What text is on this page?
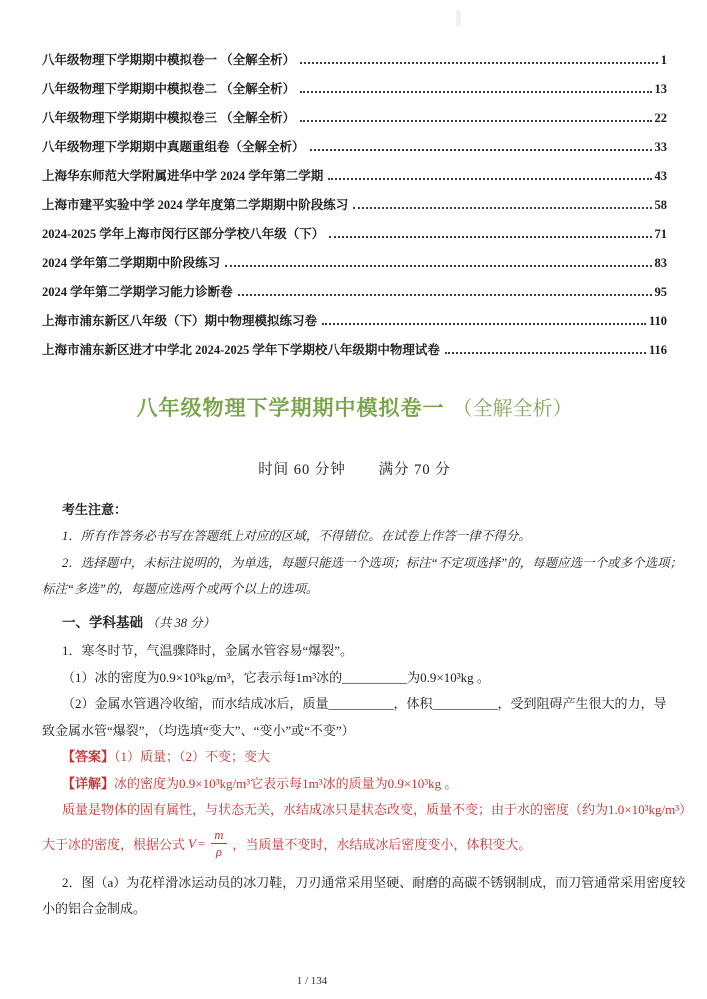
八年级物理下学期期中模拟卷一 （全解全析）	1
八年级物理下学期期中模拟卷二 （全解全析）	13
八年级物理下学期期中模拟卷三 （全解全析）	22
八年级物理下学期期中真题重组卷（全解全析）	33
上海华东师范大学附属进华中学 2024 学年第二学期	43
上海市建平实验中学 2024 学年度第二学期期中阶段练习	58
2024-2025 学年上海市闵行区部分学校八年级（下）	71
2024 学年第二学期期中阶段练习	83
2024 学年第二学期学习能力诊断卷	95
上海市浦东新区八年级（下）期中物理模拟练习卷	110
上海市浦东新区进才中学北 2024-2025 学年下学期校八年级期中物理试卷	116
八年级物理下学期期中模拟卷一 （全解全析）
时间 60 分钟 满分 70 分
考生注意：
1．所有作答务必书写在答题纸上对应的区域，不得错位。在试卷上作答一律不得分。
2．选择题中，未标注说明的，为单选，每题只能选一个选项；标注“不定项选择”的，每题应选一个或多个选项；
标注“多选”的，每题应选两个或两个以上的选项。
一、学科基础 （共 38 分）
1．寒冬时节，气温骤降时，金属水管容易“爆裂”。
（1）冰的密度为0.9×10³kg/m³，它表示每1m³冰的__________为0.9×10³kg 。
（2）金属水管遇冷收缩，而水结成冰后，质量__________，体积__________，受到阻碍产生很大的力，导
致金属水管“爆裂”，（均选填“变大”、“变小”或“不变”）
【答案】（1）质量；（2）不变；变大
【详解】冰的密度为0.9×10³kg/m³它表示每1m³冰的质量为0.9×10³kg 。
质量是物体的固有属性，与状态无关，水结成冰只是状态改变，质量不变；由于水的密度（约为1.0×10³kg/m³）
大于冰的密度，根据公式 $V = \frac{m}{\rho}$ ，当质量不变时，水结成冰后密度变小，体积变大。
2．图（a）为花样滑冰运动员的冰刀鞋，刀刃通常采用坚硬、耐磨的高碳不锈钢制成，而刀管通常采用密度较
小的铝合金制成。
1 / 134
